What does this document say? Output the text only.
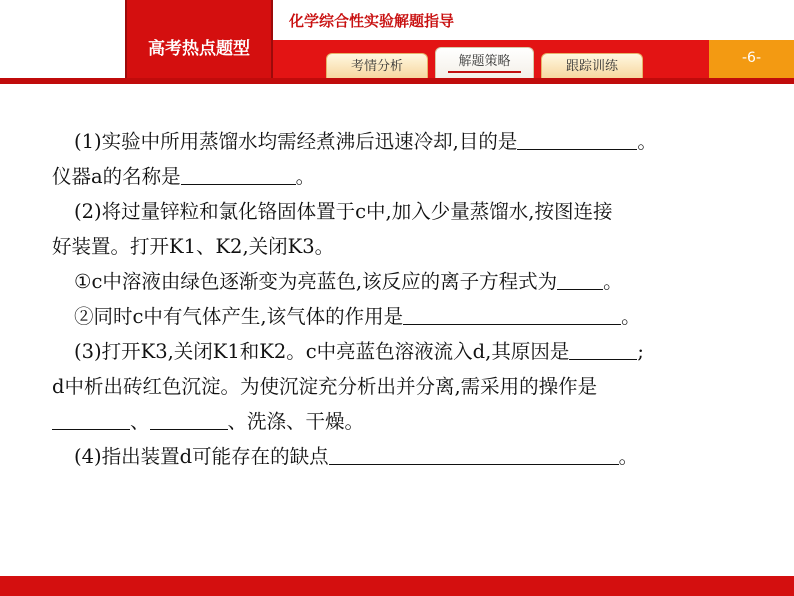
高考热点题型
化学综合性实验解题指导
-6-
考情分析	解题策略	跟踪训练
(1)实验中所用蒸馏水均需经煮沸后迅速冷却,目的是	。
仪器a的名称是	。
(2)将过量锌粒和氯化铬固体置于c中,加入少量蒸馏水,按图连接
好装置。打开K1、K2,关闭K3。
①c中溶液由绿色逐渐变为亮蓝色,该反应的离子方程式为 。
②同时c中有气体产生,该气体的作用是	。
(3)打开K3,关闭K1和K2。c中亮蓝色溶液流入d,其原因是	;
d中析出砖红色沉淀。为使沉淀充分析出并分离,需采用的操作是
、	、洗涤、干燥。
(4)指出装置d可能存在的缺点	。
